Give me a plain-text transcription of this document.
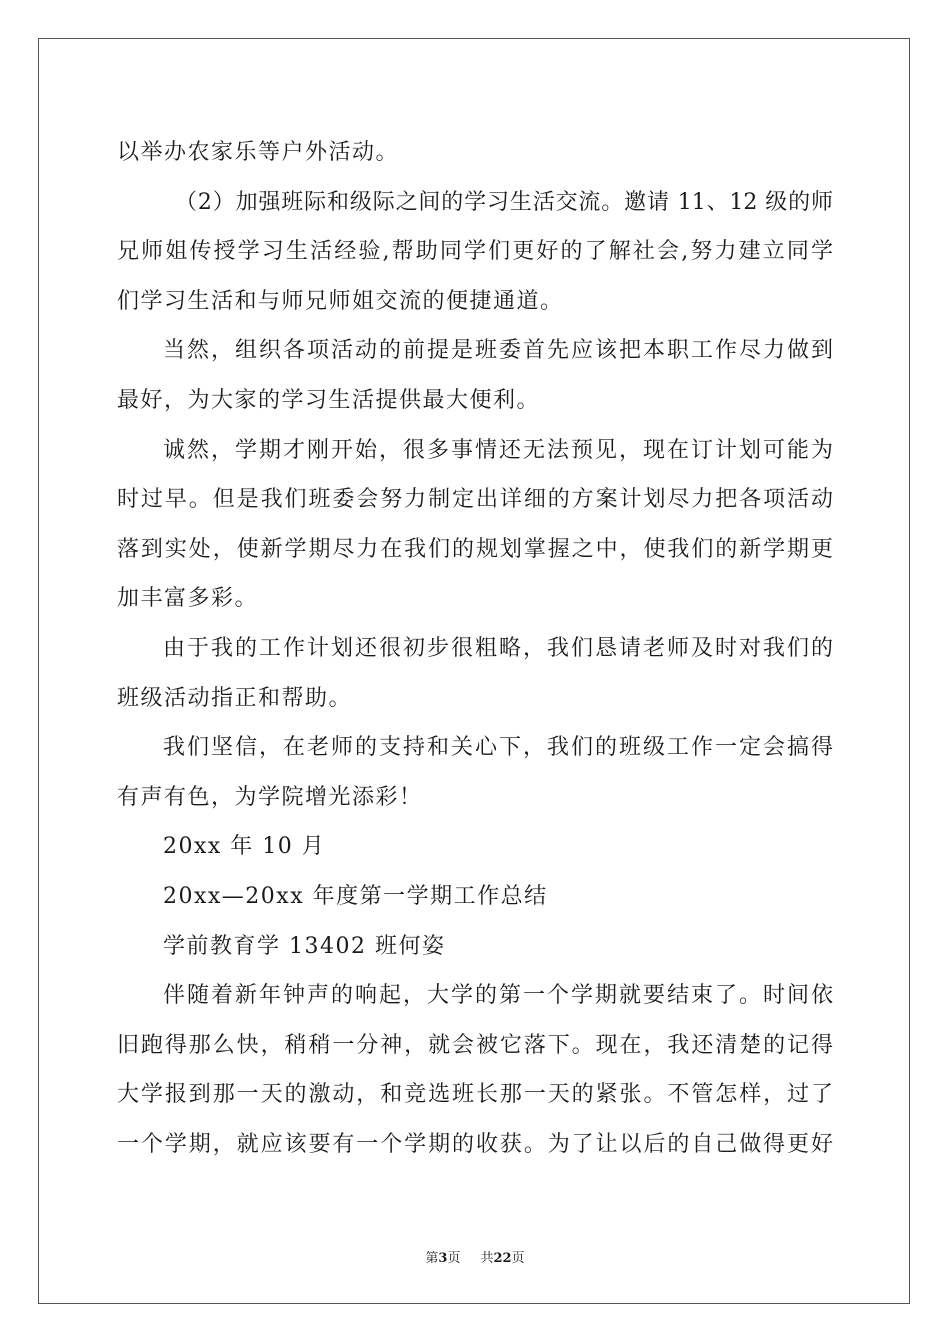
以举办农家乐等户外活动。
（2）加强班际和级际之间的学习生活交流。邀请 11、12 级的师
兄师姐传授学习生活经验,帮助同学们更好的了解社会,努力建立同学
们学习生活和与师兄师姐交流的便捷通道。
当然，组织各项活动的前提是班委首先应该把本职工作尽力做到
最好，为大家的学习生活提供最大便利。
诚然，学期才刚开始，很多事情还无法预见，现在订计划可能为
时过早。但是我们班委会努力制定出详细的方案计划尽力把各项活动
落到实处，使新学期尽力在我们的规划掌握之中，使我们的新学期更
加丰富多彩。
由于我的工作计划还很初步很粗略，我们恳请老师及时对我们的
班级活动指正和帮助。
我们坚信，在老师的支持和关心下，我们的班级工作一定会搞得
有声有色，为学院增光添彩！
20xx 年 10 月
20xx—20xx 年度第一学期工作总结
学前教育学 13402 班何姿
伴随着新年钟声的响起，大学的第一个学期就要结束了。时间依
旧跑得那么快，稍稍一分神，就会被它落下。现在，我还清楚的记得
大学报到那一天的激动，和竞选班长那一天的紧张。不管怎样，过了
一个学期，就应该要有一个学期的收获。为了让以后的自己做得更好
第3页 共22页
